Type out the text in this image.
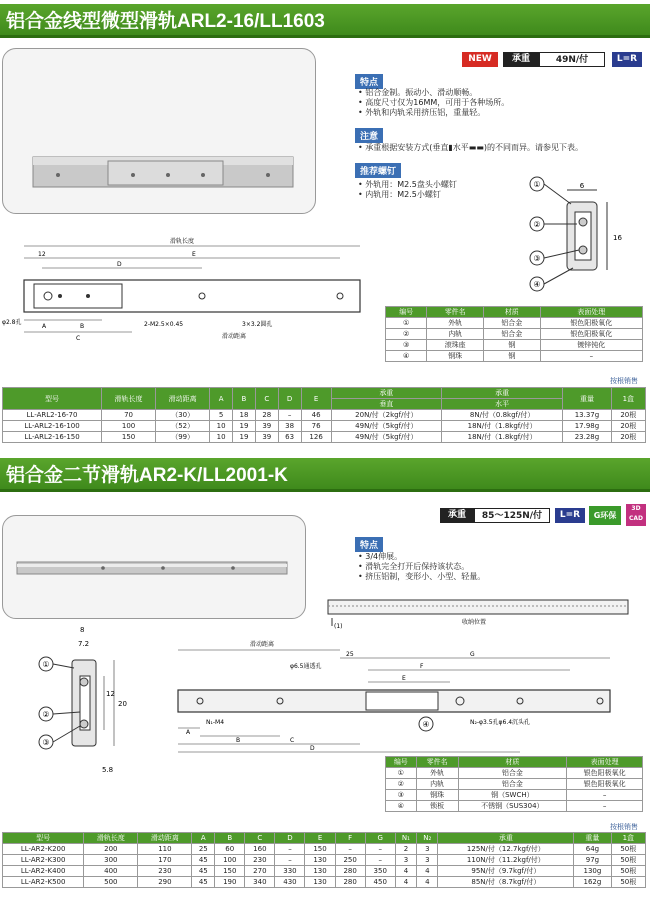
铝合金线型微型滑轨ARL2-16/LL1603
NEW	承重	49N/付	L=R
特点
• 铝合金制。振动小、滑动顺畅。
• 高度尺寸仅为16MM，可用于各种场所。
• 外轨和内轨采用挤压铝，重量轻。
注意
• 承重根据安装方式(垂直▮水平▬▬)的不同而异。请参见下表。
推荐螺钉
• 外轨用：M2.5盘头小螺钉
• 内轨用：M2.5小螺钉
①
②
③
④
6
16
滑轨长度
12	E
D
A	B
C
φ2.8孔	2-M2.5×0.45	3×3.2圆孔
滑动距离
编号	零件名	材质	表面处理
①	外轨	铝合金	银色阳极氧化
②	内轨	铝合金	银色阳极氧化
③	滚珠座	钢	镀锌钝化
④	钢珠	钢	–
按根销售
型号	滑轨长度	滑动距离	A	B	C	D	E	承重	承重	重量	1盒
								垂直	水平		
LL-ARL2-16-70	70	（30）	5	18	28	–	46	20N/付（2kgf/付）	8N/付（0.8kgf/付）	13.37g	20根
LL-ARL2-16-100	100	（52）	10	19	39	38	76	49N/付（5kgf/付）	18N/付（1.8kgf/付）	17.98g	20根
LL-ARL2-16-150	150	（99）	10	19	39	63	126	49N/付（5kgf/付）	18N/付（1.8kgf/付）	23.28g	20根
铝合金二节滑轨AR2-K/LL2001-K
承重	85～125N/付	L=R	G环保
3D CAD
特点
• 3/4伸展。
• 滑轨完全打开后保持该状态。
• 挤压铝制，变形小、小型、轻量。
(1)
收纳位置
8
7.2
20
12
5.8
①
②
③
滑动距离
25	G
F
E
φ6.5通透孔
N₁-M4	N₂-φ3.5孔φ6.4沉头孔
④
A
B	C
D
编号	零件名	材质	表面处理
①	外轨	铝合金	银色阳极氧化
②	内轨	铝合金	银色阳极氧化
③	钢珠	钢（SWCH）	–
④	锁板	不锈钢（SUS304）	–
按根销售
型号	滑轨长度	滑动距离	A	B	C	D	E	F	G	N₁	N₂	承重	重量	1盒
LL-AR2-K200	200	110	25	60	160	–	150	–	–	2	3	125N/付（12.7kgf/付）	64g	50根
LL-AR2-K300	300	170	45	100	230	–	130	250	–	3	3	110N/付（11.2kgf/付）	97g	50根
LL-AR2-K400	400	230	45	150	270	330	130	280	350	4	4	95N/付（9.7kgf/付）	130g	50根
LL-AR2-K500	500	290	45	190	340	430	130	280	450	4	4	85N/付（8.7kgf/付）	162g	50根
